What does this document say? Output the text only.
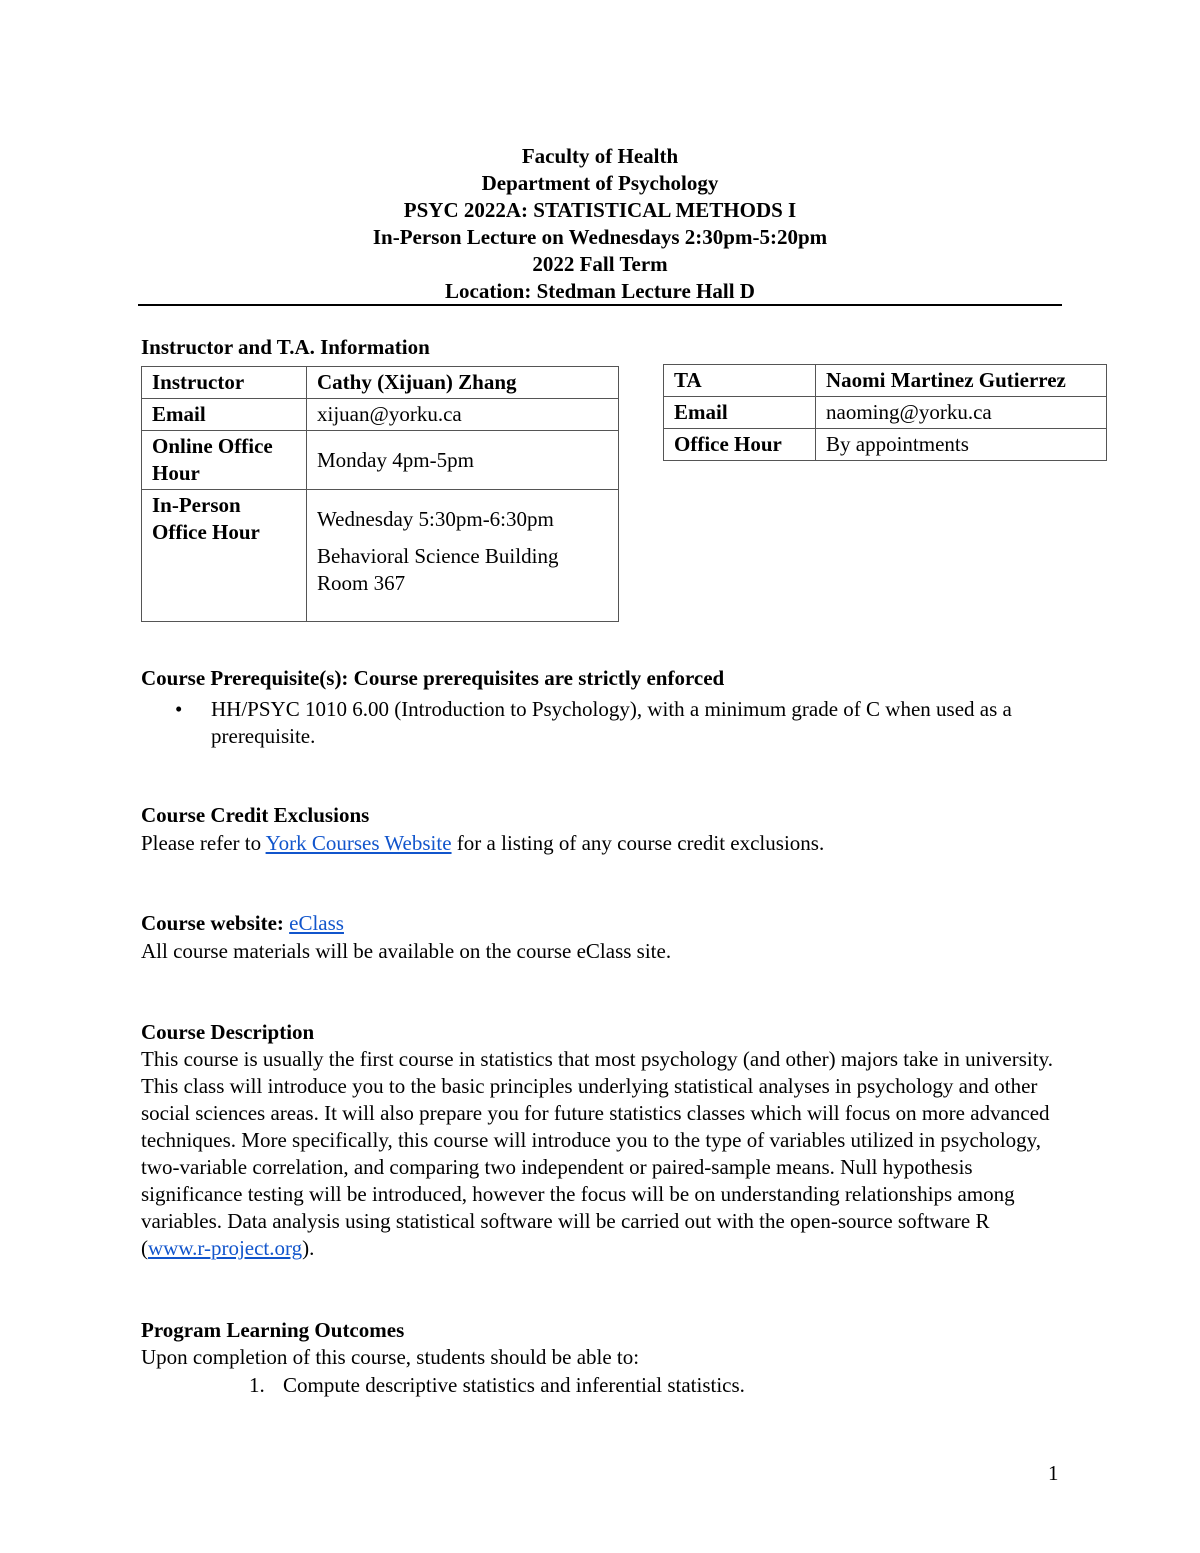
Faculty of Health
Department of Psychology
PSYC 2022A: STATISTICAL METHODS I
In-Person Lecture on Wednesdays 2:30pm-5:20pm
2022 Fall Term
Location: Stedman Lecture Hall D
Instructor and T.A. Information
Instructor	Cathy (Xijuan) Zhang
Email	xijuan@yorku.ca
Online Office Hour	Monday 4pm-5pm
In-Person Office Hour	Wednesday 5:30pm-6:30pm
Behavioral Science Building Room 367
TA	Naomi Martinez Gutierrez
Email	naoming@yorku.ca
Office Hour	By appointments
Course Prerequisite(s): Course prerequisites are strictly enforced
• HH/PSYC 1010 6.00 (Introduction to Psychology), with a minimum grade of C when used as a prerequisite.
Course Credit Exclusions
Please refer to York Courses Website for a listing of any course credit exclusions.
Course website: eClass
All course materials will be available on the course eClass site.
Course Description
This course is usually the first course in statistics that most psychology (and other) majors take in university. This class will introduce you to the basic principles underlying statistical analyses in psychology and other social sciences areas. It will also prepare you for future statistics classes which will focus on more advanced techniques. More specifically, this course will introduce you to the type of variables utilized in psychology, two-variable correlation, and comparing two independent or paired-sample means. Null hypothesis significance testing will be introduced, however the focus will be on understanding relationships among variables. Data analysis using statistical software will be carried out with the open-source software R (www.r-project.org).
Program Learning Outcomes
Upon completion of this course, students should be able to:
1. Compute descriptive statistics and inferential statistics.
1
